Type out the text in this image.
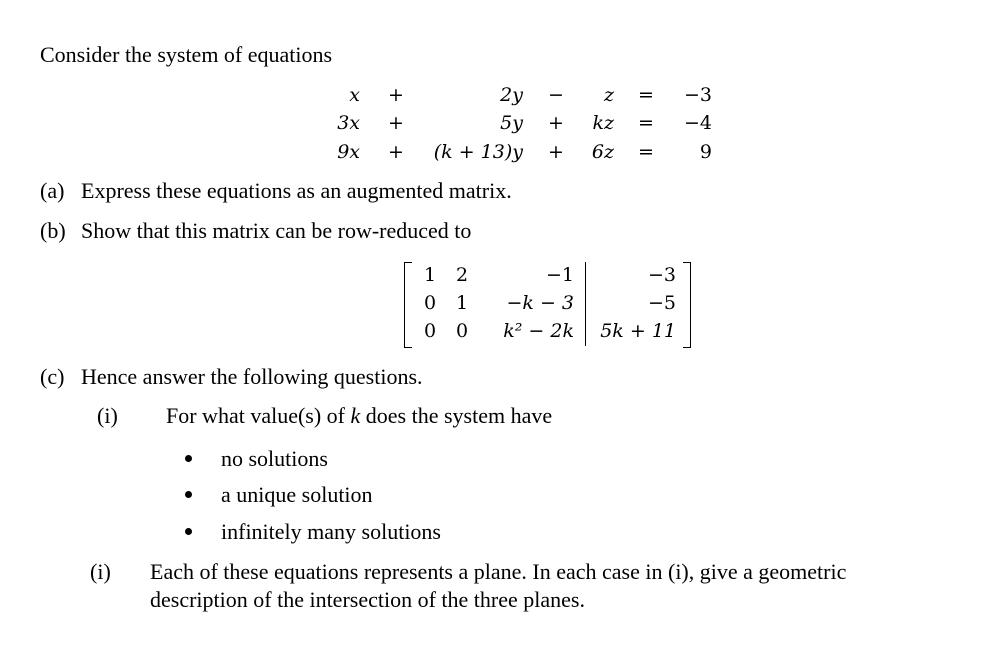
Consider the system of equations
x +	2y −	z =	−3
3x +	5y +	kz =	−4
9x +	(k + 13)y +	6z =	9
(a) Express these equations as an augmented matrix.
(b) Show that this matrix can be row-reduced to
1 2	−1	−3
0 1	−k − 3	−5
0 0	k² − 2k	5k + 11
(c) Hence answer the following questions.
(i) For what value(s) of k does the system have
no solutions
a unique solution
infinitely many solutions
(i) Each of these equations represents a plane. In each case in (i), give a geometric
description of the intersection of the three planes.
